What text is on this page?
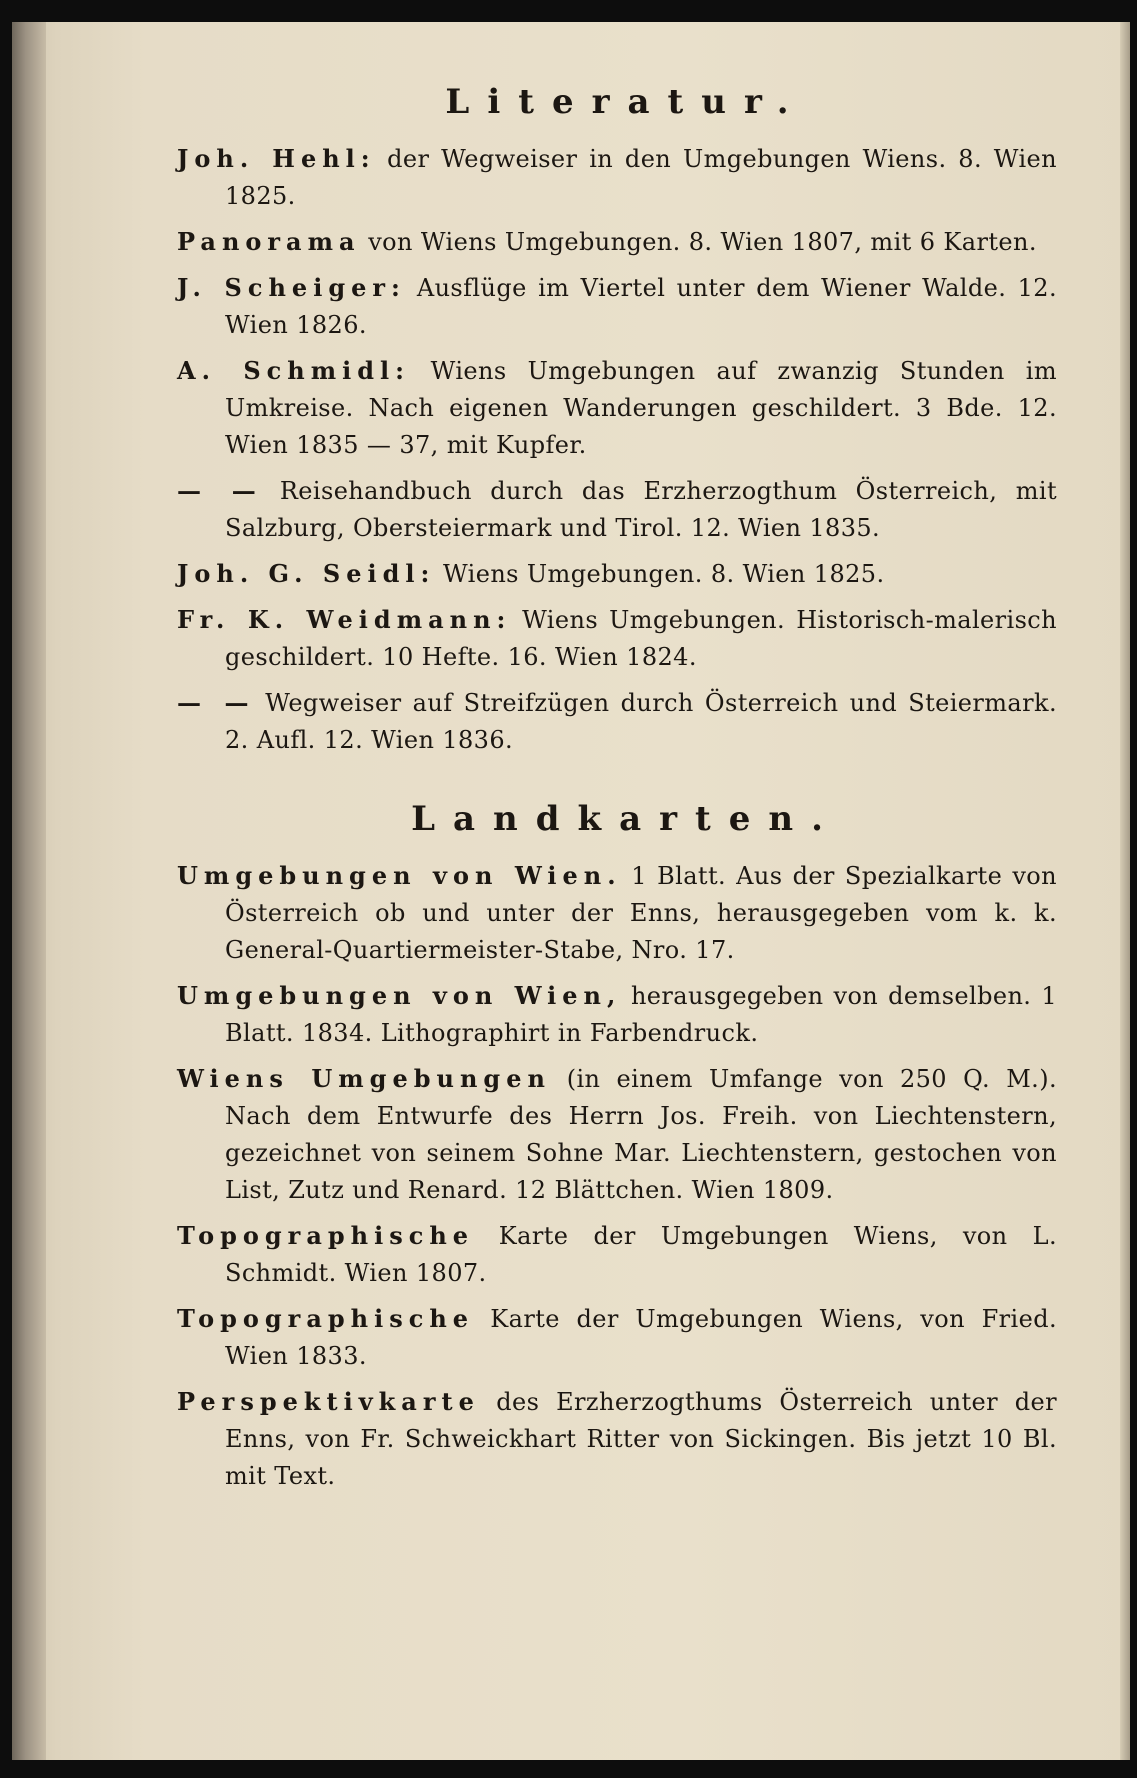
Literatur.
Joh. Hehl: der Wegweiser in den Umgebungen Wiens. 8. Wien 1825.
Panorama von Wiens Umgebungen. 8. Wien 1807, mit 6 Karten.
J. Scheiger: Ausflüge im Viertel unter dem Wiener Walde. 12. Wien 1826.
A. Schmidl: Wiens Umgebungen auf zwanzig Stunden im Umkreise. Nach eigenen Wanderungen geschildert. 3 Bde. 12. Wien 1835 — 37, mit Kupfer.
— — Reisehandbuch durch das Erzherzogthum Österreich, mit Salzburg, Obersteiermark und Tirol. 12. Wien 1835.
Joh. G. Seidl: Wiens Umgebungen. 8. Wien 1825.
Fr. K. Weidmann: Wiens Umgebungen. Historisch-malerisch geschildert. 10 Hefte. 16. Wien 1824.
— — Wegweiser auf Streifzügen durch Österreich und Steiermark. 2. Aufl. 12. Wien 1836.
Landkarten.
Umgebungen von Wien. 1 Blatt. Aus der Spezialkarte von Österreich ob und unter der Enns, herausgegeben vom k. k. General-Quartiermeister-Stabe, Nro. 17.
Umgebungen von Wien, herausgegeben von demselben. 1 Blatt. 1834. Lithographirt in Farbendruck.
Wiens Umgebungen (in einem Umfange von 250 Q. M.). Nach dem Entwurfe des Herrn Jos. Freih. von Liechtenstern, gezeichnet von seinem Sohne Mar. Liechtenstern, gestochen von List, Zutz und Renard. 12 Blättchen. Wien 1809.
Topographische Karte der Umgebungen Wiens, von L. Schmidt. Wien 1807.
Topographische Karte der Umgebungen Wiens, von Fried. Wien 1833.
Perspektivkarte des Erzherzogthums Österreich unter der Enns, von Fr. Schweickhart Ritter von Sickingen. Bis jetzt 10 Bl. mit Text.
